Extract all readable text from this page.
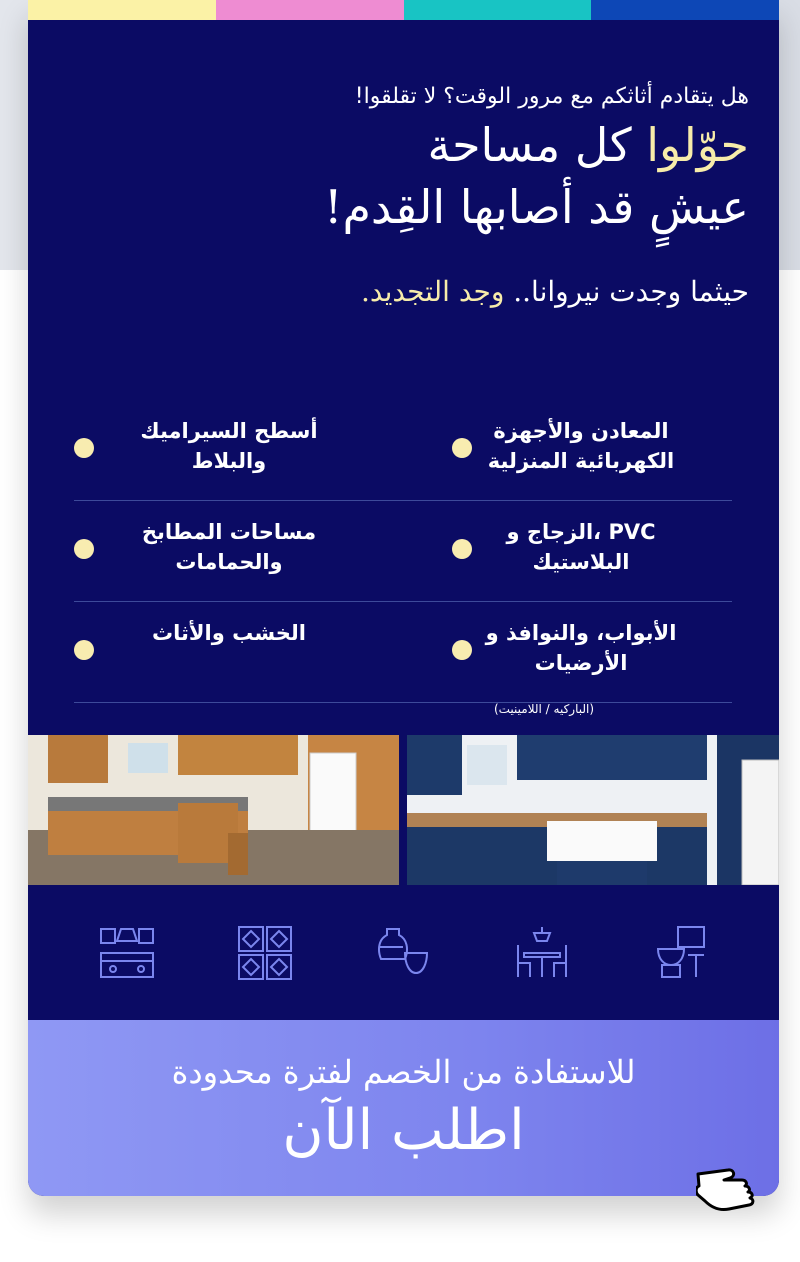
هل يتقادم أثاثكم مع مرور الوقت؟ لا تقلقوا!
حوّلوا كل مساحة
عيشٍ قد أصابها القِدم!
حيثما وجدت نيروانا.. وجد التجديد.
المعادن والأجهزة الكهربائية المنزلية
أسطح السيراميك والبلاط
PVC ،الزجاج و البلاستيك
مساحات المطابخ والحمامات
الأبواب، والنوافذ و الأرضيات
الخشب والأثاث
(الباركيه / اللامينيت)
للاستفادة من الخصم لفترة محدودة
اطلب الآن
